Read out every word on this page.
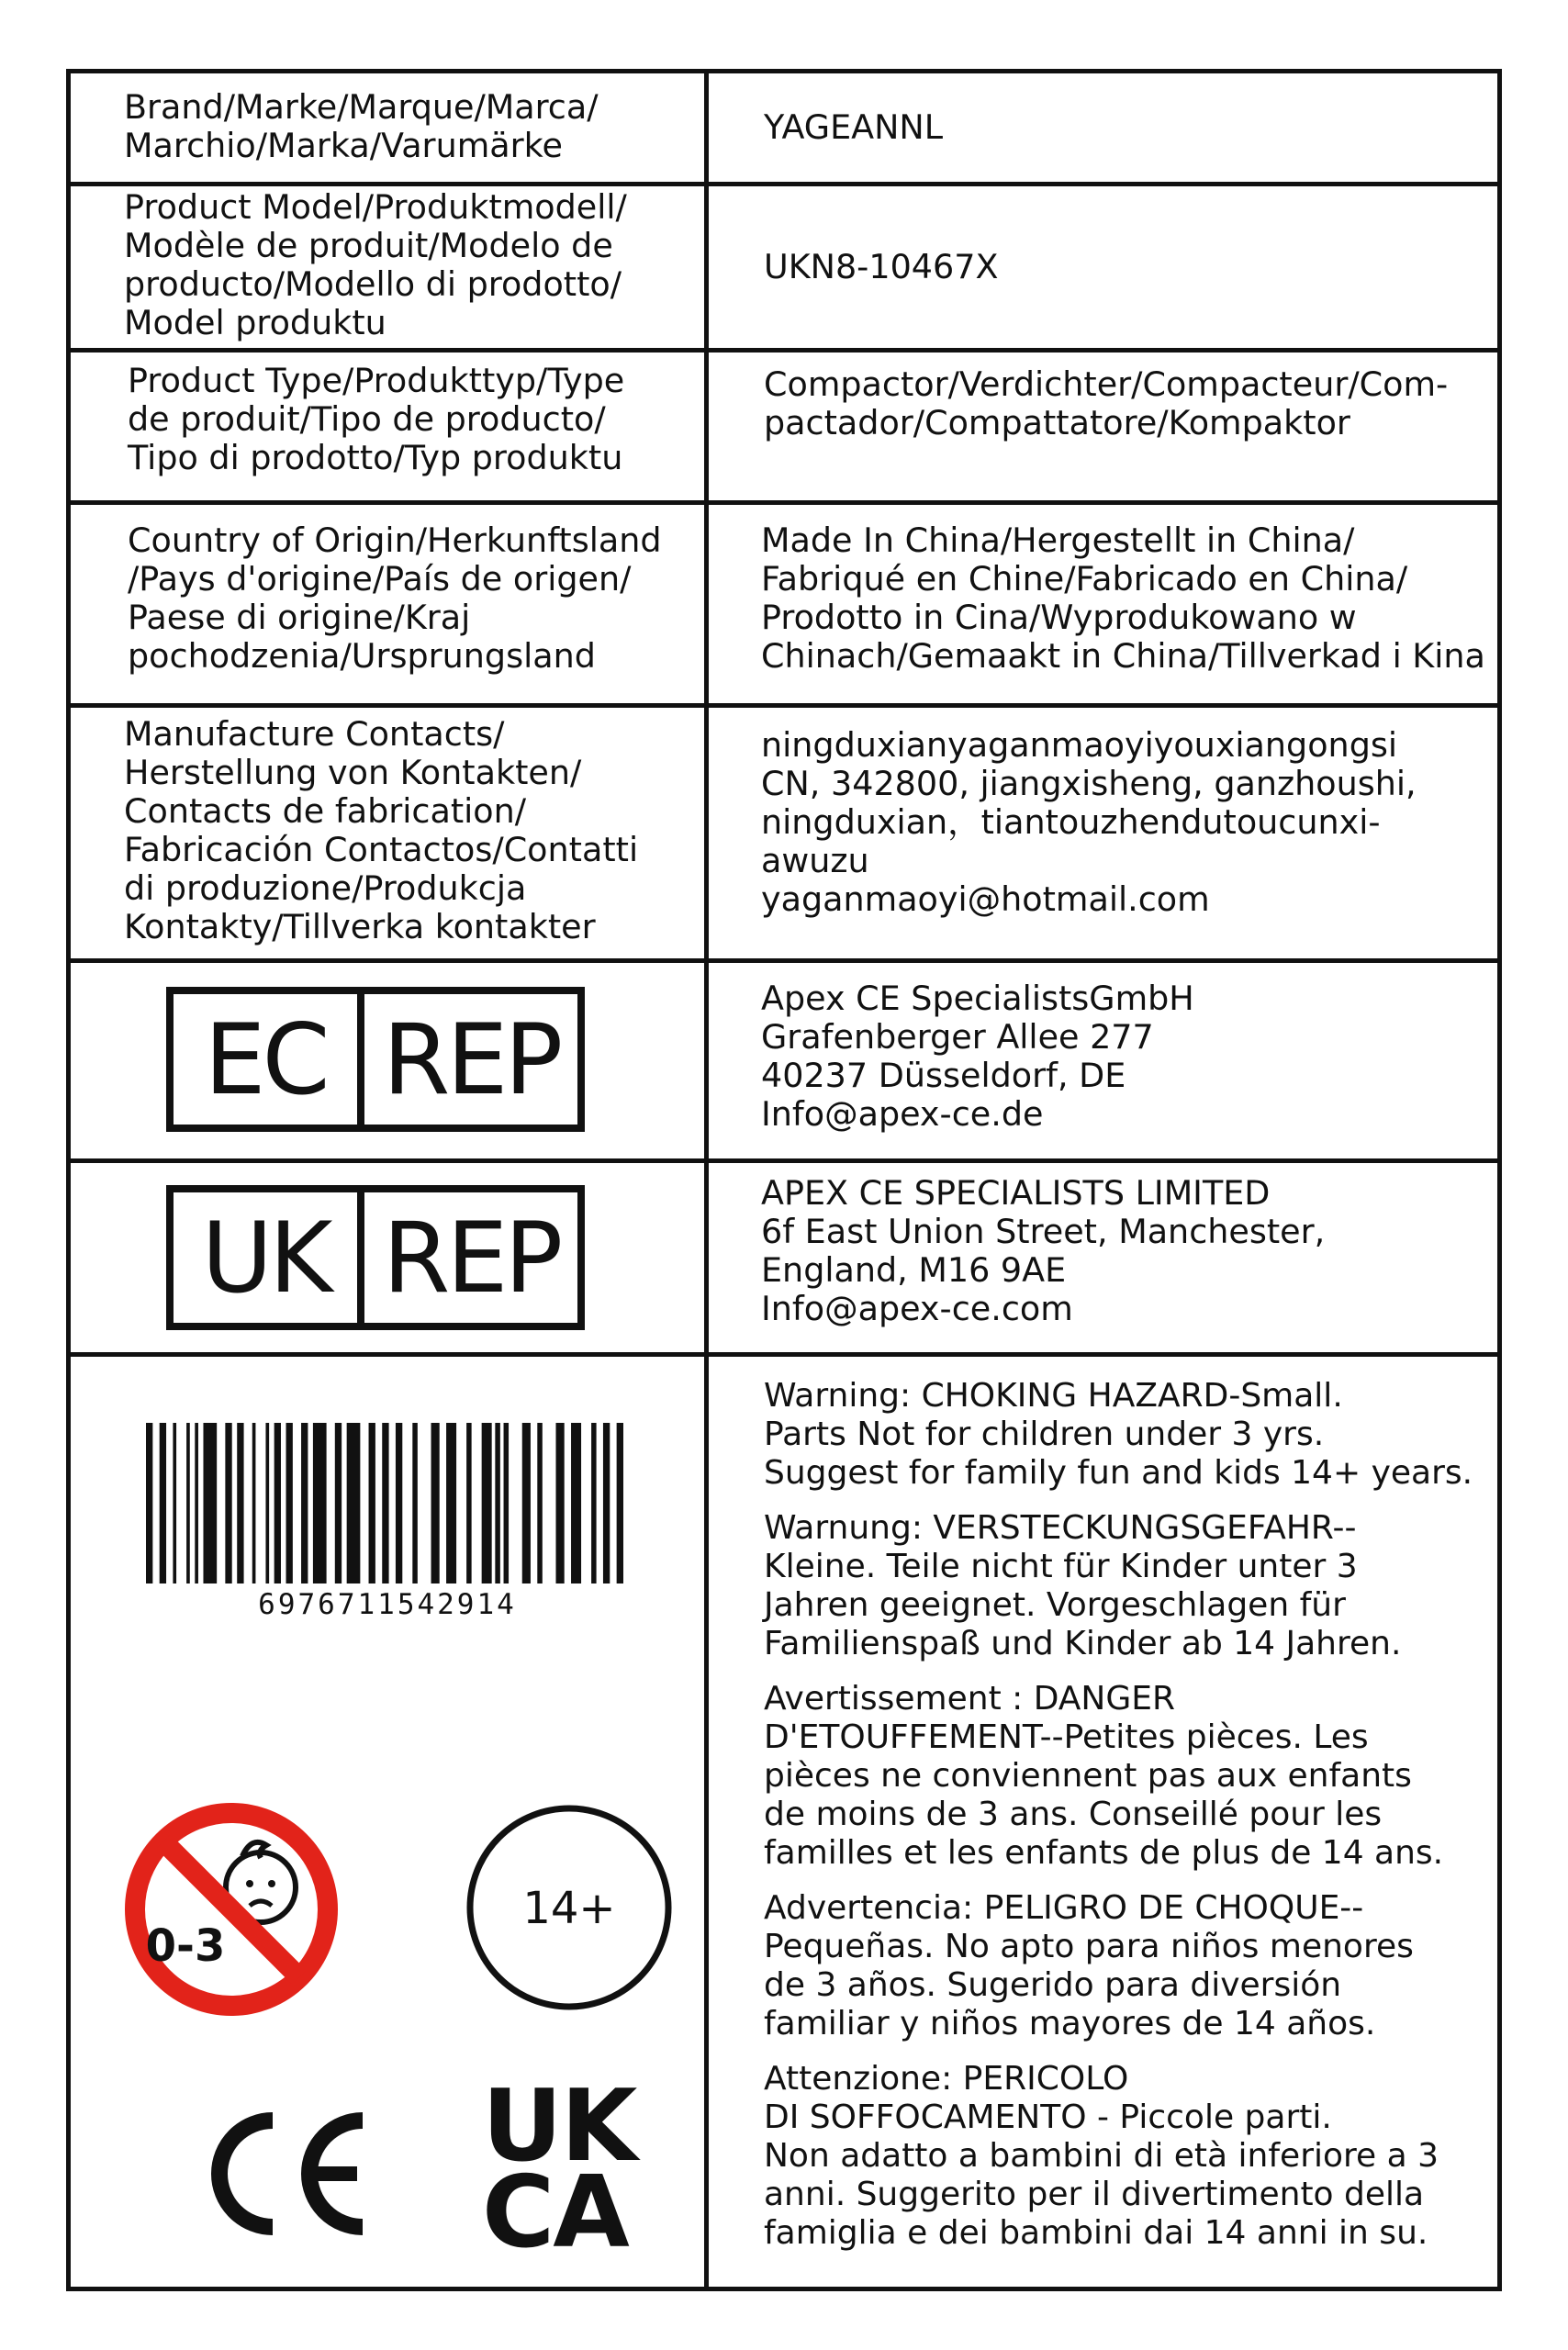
Brand/Marke/Marque/Marca/
Marchio/Marka/Varumärke	YAGEANNL
Product Model/Produktmodell/
Modèle de produit/Modelo de
producto/Modello di prodotto/
Model produktu
UKN8-10467X
Product Type/Produkttyp/Type
de produit/Tipo de producto/
Tipo di prodotto/Typ produktu
Compactor/Verdichter/Compacteur/Com-
pactador/Compattatore/Kompaktor
Country of Origin/Herkunftsland
/Pays d'origine/País de origen/
Paese di origine/Kraj
pochodzenia/Ursprungsland
Made In China/Hergestellt in China/
Fabriqué en Chine/Fabricado en China/
Prodotto in Cina/Wyprodukowano w
Chinach/Gemaakt in China/Tillverkad i Kina
Manufacture Contacts/
Herstellung von Kontakten/
Contacts de fabrication/
Fabricación Contactos/Contatti
di produzione/Produkcja
Kontakty/Tillverka kontakter
ningduxianyaganmaoyiyouxiangongsi
CN, 342800, jiangxisheng, ganzhoushi,
ningduxian，tiantouzhendutoucunxi-
awuzu
yaganmaoyi@hotmail.com
EC REP
Apex CE SpecialistsGmbH
Grafenberger Allee 277
40237 Düsseldorf, DE
Info@apex-ce.de
UK REP
APEX CE SPECIALISTS LIMITED
6f East Union Street, Manchester,
England, M16 9AE
Info@apex-ce.com
6976711542914
0-3
14+
UK
CA
Warning: CHOKING HAZARD-Small.
Parts Not for children under 3 yrs.
Suggest for family fun and kids 14+ years.
Warnung: VERSTECKUNGSGEFAHR--
Kleine. Teile nicht für Kinder unter 3
Jahren geeignet. Vorgeschlagen für
Familienspaß und Kinder ab 14 Jahren.
Avertissement : DANGER
D'ETOUFFEMENT--Petites pièces. Les
pièces ne conviennent pas aux enfants
de moins de 3 ans. Conseillé pour les
familles et les enfants de plus de 14 ans.
Advertencia: PELIGRO DE CHOQUE--
Pequeñas. No apto para niños menores
de 3 años. Sugerido para diversión
familiar y niños mayores de 14 años.
Attenzione: PERICOLO
DI SOFFOCAMENTO - Piccole parti.
Non adatto a bambini di età inferiore a 3
anni. Suggerito per il divertimento della
famiglia e dei bambini dai 14 anni in su.
